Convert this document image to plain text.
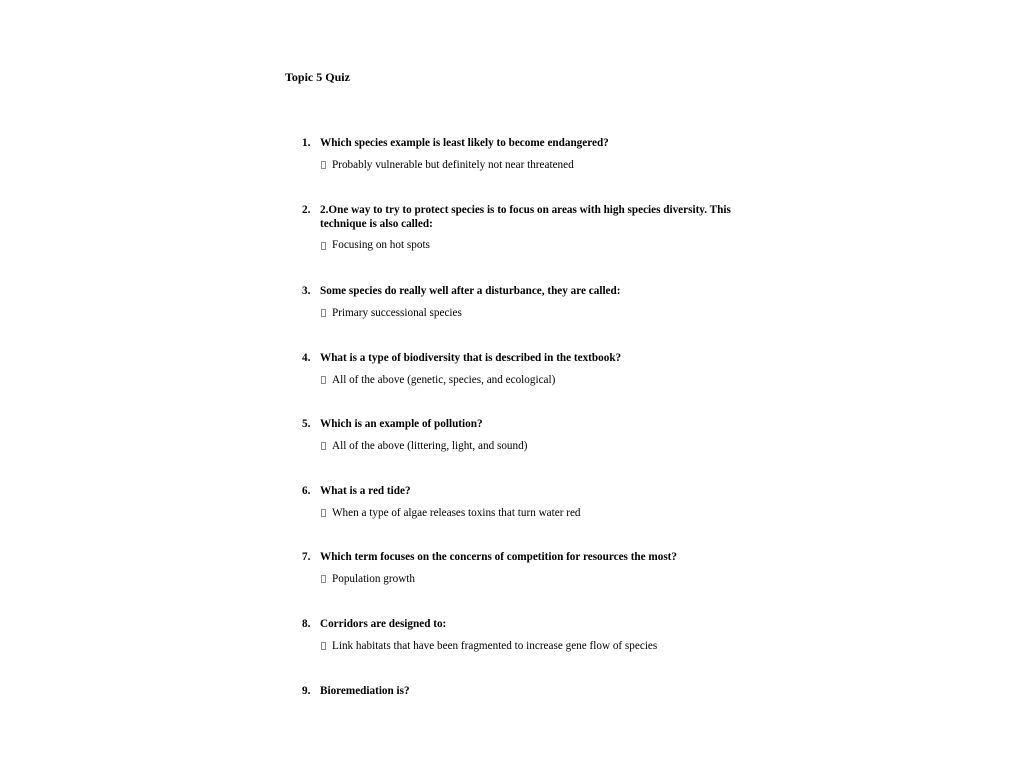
Topic 5 Quiz
1. Which species example is least likely to become endangered?
Probably vulnerable but definitely not near threatened
2. 2.One way to try to protect species is to focus on areas with high species diversity. This technique is also called:
Focusing on hot spots
3. Some species do really well after a disturbance, they are called:
Primary successional species
4. What is a type of biodiversity that is described in the textbook?
All of the above (genetic, species, and ecological)
5. Which is an example of pollution?
All of the above (littering, light, and sound)
6. What is a red tide?
When a type of algae releases toxins that turn water red
7. Which term focuses on the concerns of competition for resources the most?
Population growth
8. Corridors are designed to:
Link habitats that have been fragmented to increase gene flow of species
9. Bioremediation is?
